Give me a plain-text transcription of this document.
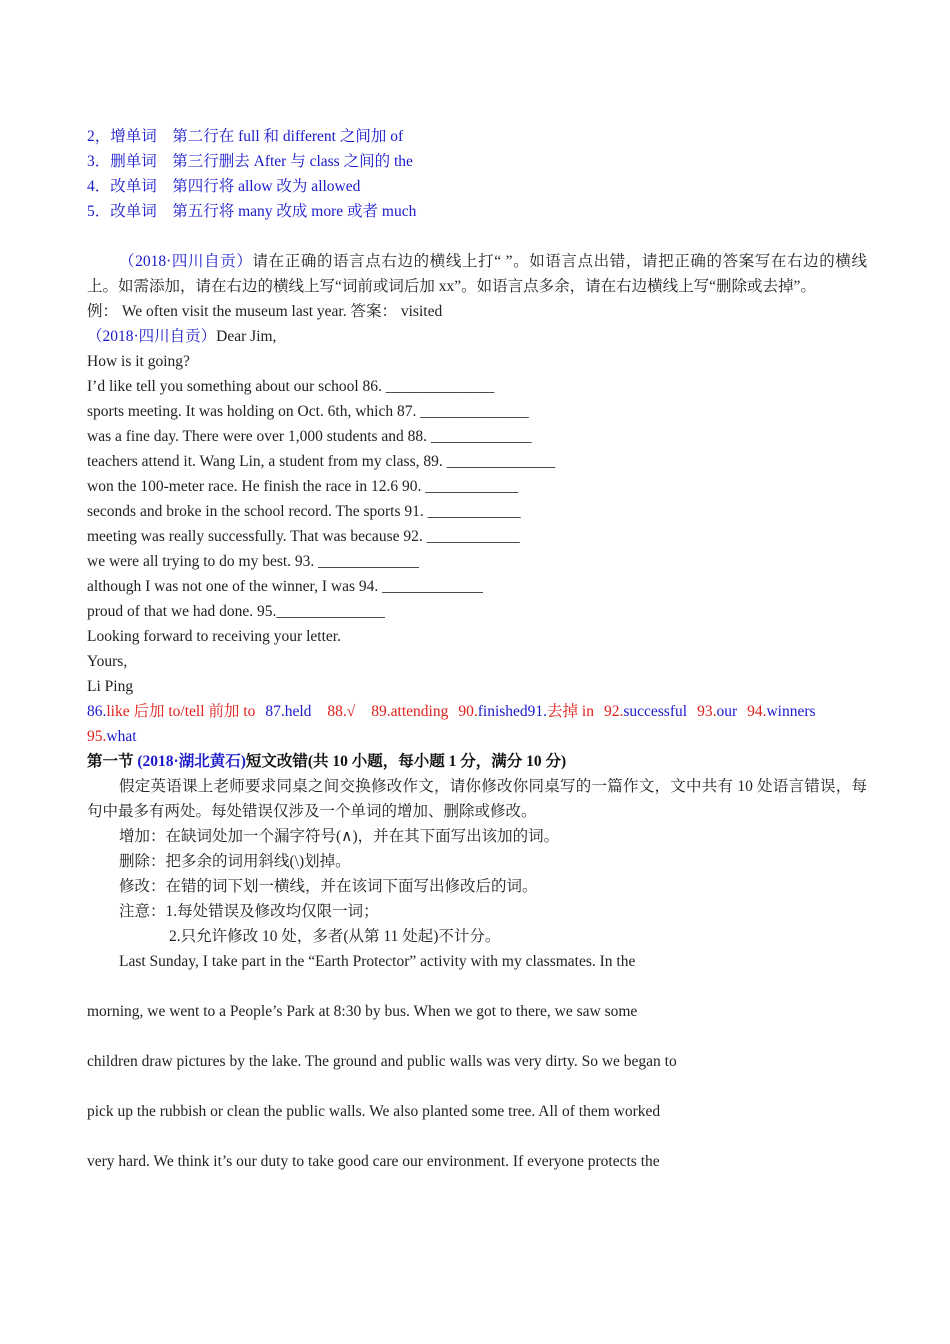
2，增单词　第二行在 full 和 different 之间加 of
3．删单词　第三行删去 After 与 class 之间的 the
4．改单词　第四行将 allow 改为 allowed
5．改单词　第五行将 many 改成 more 或者 much
（2018·四川自贡）请在正确的语言点右边的横线上打“ ”。如语言点出错，请把正确的答案写在右边的横线上。如需添加，请在右边的横线上写“词前或词后加 xx”。如语言点多余，请在右边横线上写“删除或去掉”。
例： We often visit the museum last year. 答案： visited
（2018·四川自贡）Dear Jim,
How is it going?
I’d like tell you something about our school 86. ______________
sports meeting. It was holding on Oct. 6th, which 87. ______________
was a fine day. There were over 1,000 students and 88. _____________
teachers attend it. Wang Lin, a student from my class, 89. ______________
won the 100-meter race. He finish the race in 12.6 90. ____________
seconds and broke in the school record. The sports 91. ____________
meeting was really successfully. That was because 92. ____________
we were all trying to do my best. 93. _____________
although I was not one of the winner, I was 94. _____________
proud of that we had done. 95.______________
Looking forward to receiving your letter.
Yours,
Li Ping
86.like 后加 to/tell 前加 to 87.held 88.√ 89.attending 90.finished91.去掉 in 92.successful 93.our 94.winners
95.what
第一节 (2018·湖北黄石)短文改错(共 10 小题，每小题 1 分，满分 10 分)
假定英语课上老师要求同桌之间交换修改作文，请你修改你同桌写的一篇作文，文中共有 10 处语言错误，每句中最多有两处。每处错误仅涉及一个单词的增加、删除或修改。
增加：在缺词处加一个漏字符号(∧)，并在其下面写出该加的词。
删除：把多余的词用斜线(\)划掉。
修改：在错的词下划一横线，并在该词下面写出修改后的词。
注意：1.每处错误及修改均仅限一词；
2.只允许修改 10 处，多者(从第 11 处起)不计分。
Last Sunday, I take part in the “Earth Protector” activity with my classmates. In the
morning, we went to a People’s Park at 8:30 by bus. When we got to there, we saw some
children draw pictures by the lake. The ground and public walls was very dirty. So we began to
pick up the rubbish or clean the public walls. We also planted some tree. All of them worked
very hard. We think it’s our duty to take good care our environment. If everyone protects the
